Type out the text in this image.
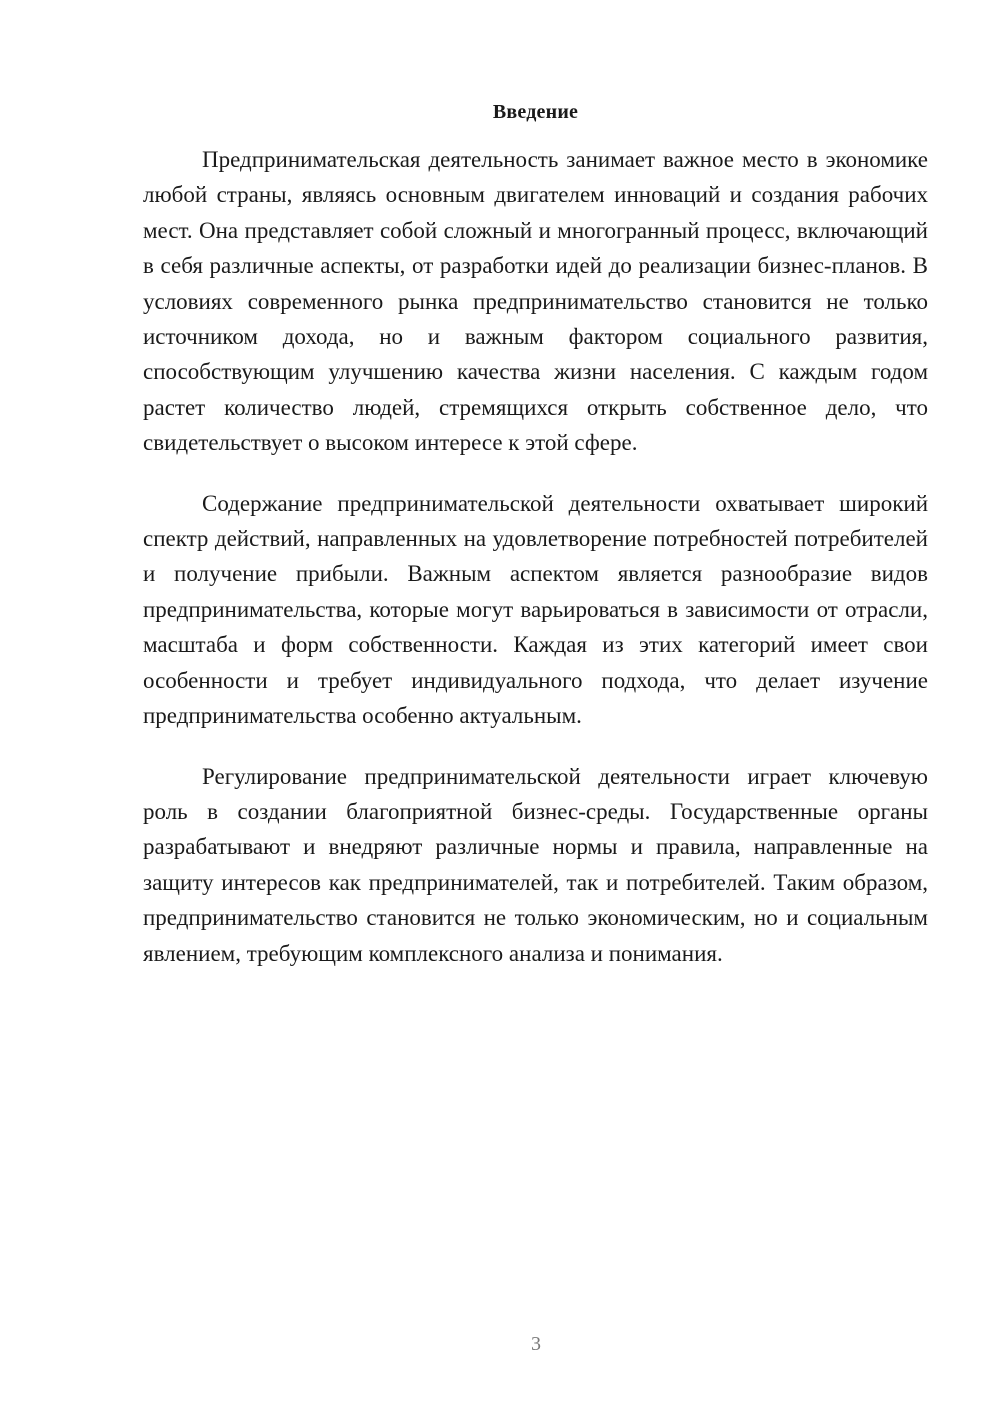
Введение

Предпринимательская деятельность занимает важное место в экономике любой страны, являясь основным двигателем инноваций и создания рабочих мест. Она представляет собой сложный и многогранный процесс, включающий в себя различные аспекты, от разработки идей до реализации бизнес-планов. В условиях современного рынка предпринимательство становится не только источником дохода, но и важным фактором социального развития, способствующим улучшению качества жизни населения. С каждым годом растет количество людей, стремящихся открыть собственное дело, что свидетельствует о высоком интересе к этой сфере.

Содержание предпринимательской деятельности охватывает широкий спектр действий, направленных на удовлетворение потребностей потребителей и получение прибыли. Важным аспектом является разнообразие видов предпринимательства, которые могут варьироваться в зависимости от отрасли, масштаба и форм собственности. Каждая из этих категорий имеет свои особенности и требует индивидуального подхода, что делает изучение предпринимательства особенно актуальным.

Регулирование предпринимательской деятельности играет ключевую роль в создании благоприятной бизнес-среды. Государственные органы разрабатывают и внедряют различные нормы и правила, направленные на защиту интересов как предпринимателей, так и потребителей. Таким образом, предпринимательство становится не только экономическим, но и социальным явлением, требующим комплексного анализа и понимания.

3
